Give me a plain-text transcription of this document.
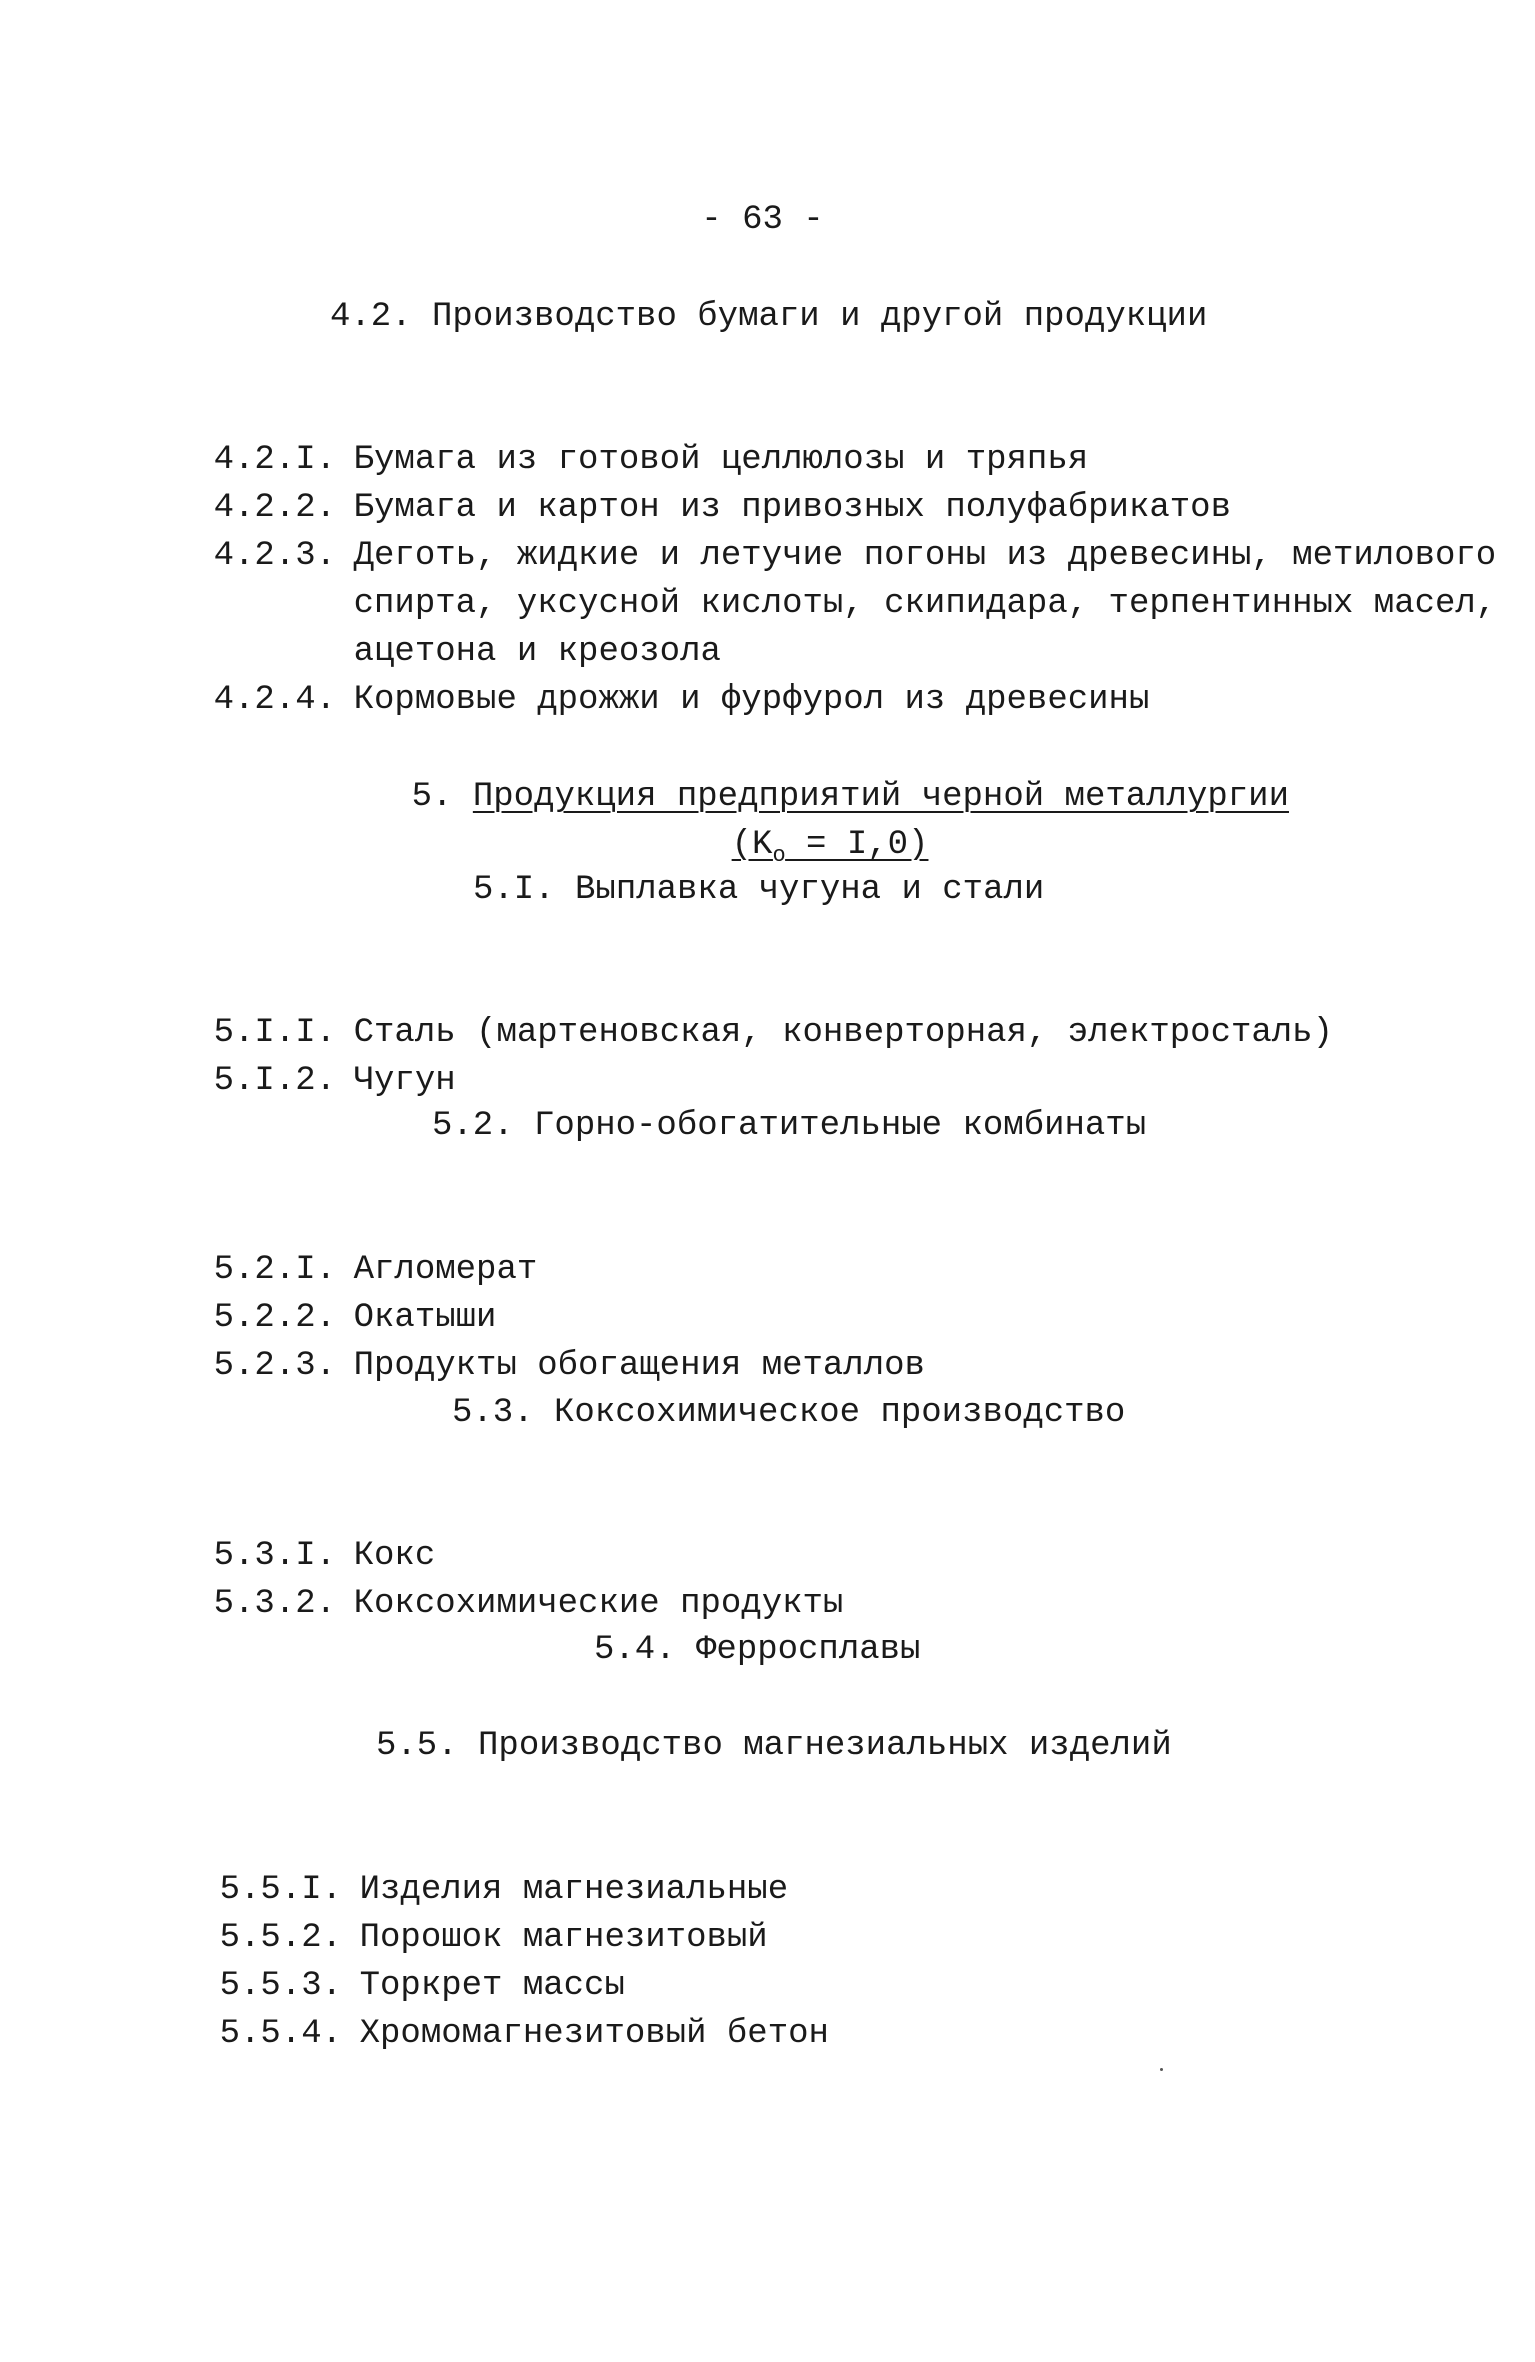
- 63 -
4.2. Производство бумаги и другой продукции

4.2.I. Бумага из готовой целлюлозы и тряпья

4.2.2. Бумага и картон из привозных полуфабрикатов

4.2.3. Деготь, жидкие и летучие погоны из древесины, метилового

спирта, уксусной кислоты, скипидара, терпентинных масел,

ацетона и креозола

4.2.4. Кормовые дрожжи и фурфурол из древесины

5. Продукция предприятий черной металлургии

$(K_o = I,0)$

5.I. Выплавка чугуна и стали

5.I.I. Сталь (мартеновская, конверторная, электросталь)

5.I.2. Чугун

5.2. Горно-обогатительные комбинаты

5.2.I. Агломерат

5.2.2. Окатыши

5.2.3. Продукты обогащения металлов

5.3. Коксохимическое производство

5.3.I. Кокс

5.3.2. Коксохимические продукты

5.4. Ферросплавы
5.5. Производство магнезиальных изделий

5.5.I. Изделия магнезиальные

5.5.2. Порошок магнезитовый

5.5.3. Торкрет массы

5.5.4. Хромомагнезитовый бетон
